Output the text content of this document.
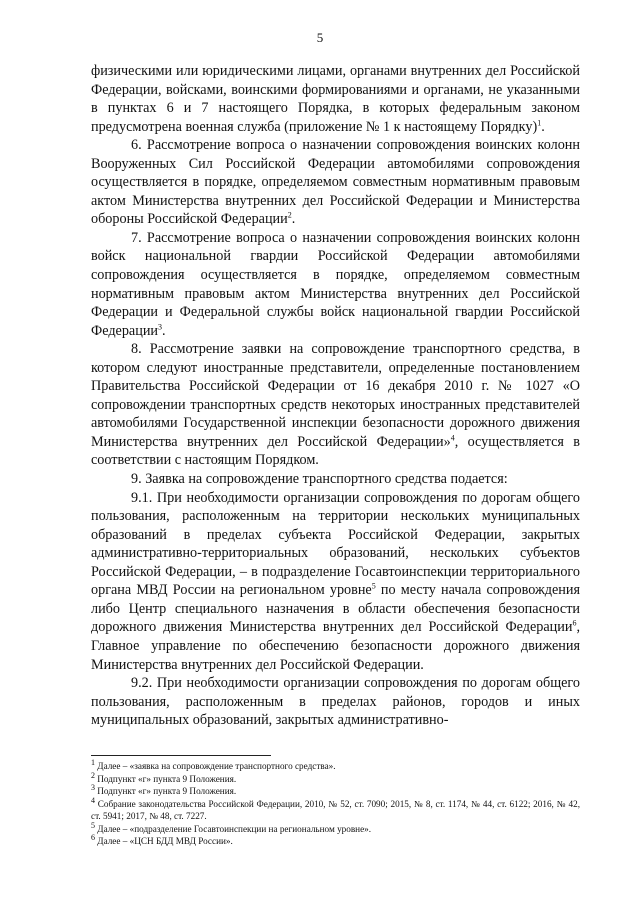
5

физическими или юридическими лицами, органами внутренних дел Российской Федерации, войсками, воинскими формированиями и органами, не указанными в пунктах 6 и 7 настоящего Порядка, в которых федеральным законом предусмотрена военная служба (приложение № 1 к настоящему Порядку)$^1$.

6. Рассмотрение вопроса о назначении сопровождения воинских колонн Вооруженных Сил Российской Федерации автомобилями сопровождения осуществляется в порядке, определяемом совместным нормативным правовым актом Министерства внутренних дел Российской Федерации и Министерства обороны Российской Федерации$^2$.

7. Рассмотрение вопроса о назначении сопровождения воинских колонн войск национальной гвардии Российской Федерации автомобилями сопровождения осуществляется в порядке, определяемом совместным нормативным правовым актом Министерства внутренних дел Российской Федерации и Федеральной службы войск национальной гвардии Российской Федерации$^3$.

8. Рассмотрение заявки на сопровождение транспортного средства, в котором следуют иностранные представители, определенные постановлением Правительства Российской Федерации от 16 декабря 2010 г. № 1027 «О сопровождении транспортных средств некоторых иностранных представителей автомобилями Государственной инспекции безопасности дорожного движения Министерства внутренних дел Российской Федерации»$^4$, осуществляется в соответствии с настоящим Порядком.

9. Заявка на сопровождение транспортного средства подается:

9.1. При необходимости организации сопровождения по дорогам общего пользования, расположенным на территории нескольких муниципальных образований в пределах субъекта Российской Федерации, закрытых административно-территориальных образований, нескольких субъектов Российской Федерации, – в подразделение Госавтоинспекции территориального органа МВД России на региональном уровне$^5$ по месту начала сопровождения либо Центр специального назначения в области обеспечения безопасности дорожного движения Министерства внутренних дел Российской Федерации$^6$, Главное управление по обеспечению безопасности дорожного движения Министерства внутренних дел Российской Федерации.

9.2. При необходимости организации сопровождения по дорогам общего пользования, расположенным в пределах районов, городов и иных муниципальных образований, закрытых административно-

$^1$ Далее – «заявка на сопровождение транспортного средства».

$^2$ Подпункт «г» пункта 9 Положения.

$^3$ Подпункт «г» пункта 9 Положения.

$^4$ Собрание законодательства Российской Федерации, 2010, № 52, ст. 7090; 2015, № 8, ст. 1174, № 44, ст. 6122; 2016, № 42, ст. 5941; 2017, № 48, ст. 7227.

$^5$ Далее – «подразделение Госавтоинспекции на региональном уровне».

$^6$ Далее – «ЦСН БДД МВД России».
